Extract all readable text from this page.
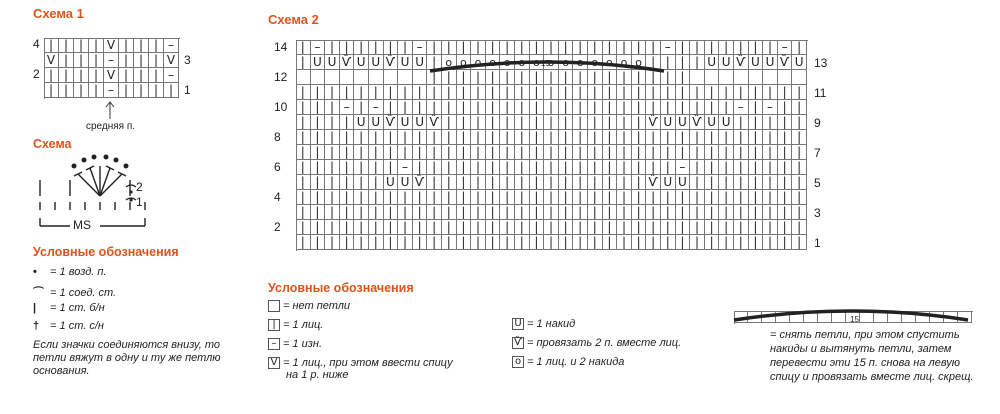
Схема 1
| | | | V | | | –
V | | | – | | | V
| | | | V | | | –
| | | | – | | | |
4
2
3
1
средняя п.
Схема
2
1
MS
Условные обозначения
• = 1 возд. п.
⌒ = 1 соед. ст.
| = 1 ст. б/н
† = 1 ст. с/н
Если значки соединяются внизу, то
петли вяжут в одну и ту же петлю
основания.
Схема 2
| – | | | | | | – | | | | | | | | | | | | | | | | – | | | | | | | – |
| U U Ѷ U U Ѷ U U | o o o o o o o o o o o o o o | | | | U U Ѷ U U Ѷ U
| | | | | | | | | | | | | | | | | |
| | | | | | | | | | | | | | | | | | | | | | | | | | | | | | | | | | |
| | | – | – | | | | | | | | | | | | | | | | | | | | | | | | – | – | |
| | | | U U Ѷ U U Ѷ | | | | | | | | | | | | | | Ѷ U U Ѷ U U | | | | |
| | | | | | | | | | | | | | | | | | | | | | | | | | | | | | | | | | |
| | | | | | | | | | | | | | | | | | | | | | | | | | | | | | | | | | |
| | | | | | | – | | | | | | | | | | | | | | | | | | – | | | | | | | |
| | | | | | U U Ѷ | | | | | | | | | | | | | | | Ѷ U U | | | | | | | |
| | | | | | | | | | | | | | | | | | | | | | | | | | | | | | | | | | |
| | | | | | | | | | | | | | | | | | | | | | | | | | | | | | | | | | |
| | | | | | | | | | | | | | | | | | | | | | | | | | | | | | | | | | |
| | | | | | | | | | | | | | | | | | | | | | | | | | | | | | | | | | |
14
12
10
8
6
4
2
13
11
9
7
5
3
1
15
Условные обозначения
= нет петли
| = 1 лиц.
– = 1 изн.
V = 1 лиц., при этом ввести спицу
U = 1 накид
Ѷ = провязать 2 п. вместе лиц.
o = 1 лиц. и 2 накида
на 1 р. ниже
15
= снять петли, при этом спустить
накиды и вытянуть петли, затем
перевести эти 15 п. снова на левую
спицу и провязать вместе лиц. скрещ.
